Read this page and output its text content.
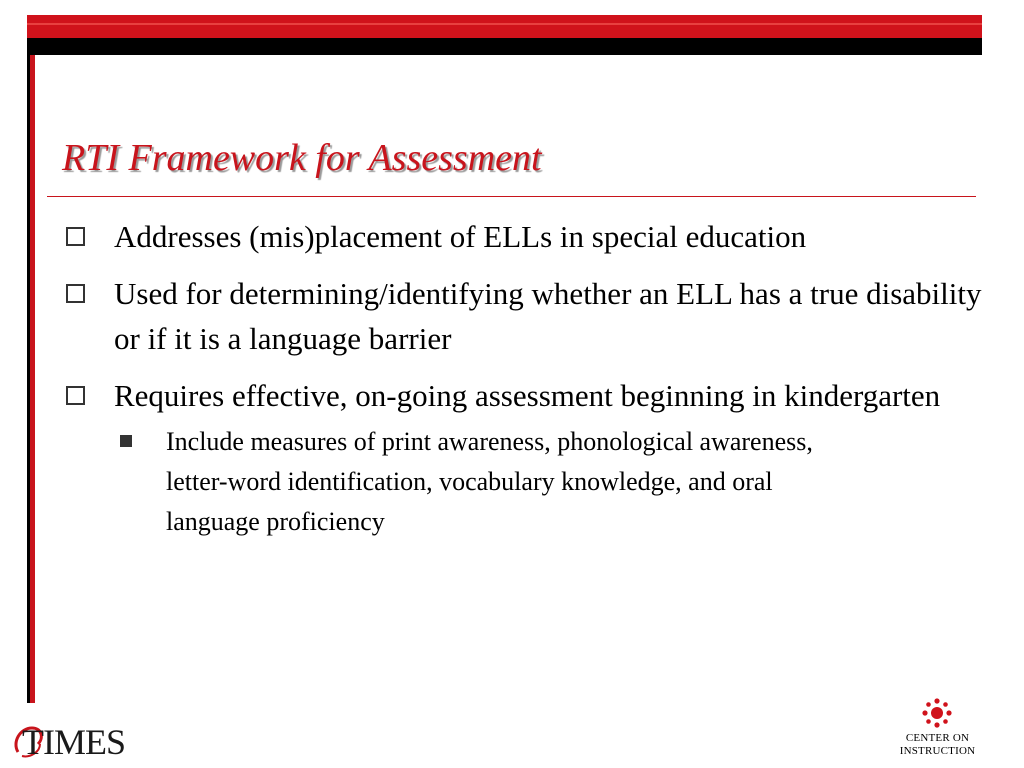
RTI Framework for Assessment
Addresses (mis)placement of ELLs in special education
Used for determining/identifying whether an ELL has a true disability or if it is a language barrier
Requires effective, on-going assessment beginning in kindergarten
Include measures of print awareness, phonological awareness, letter-word identification, vocabulary knowledge, and oral language proficiency
TIMES	CENTER ON
INSTRUCTION
